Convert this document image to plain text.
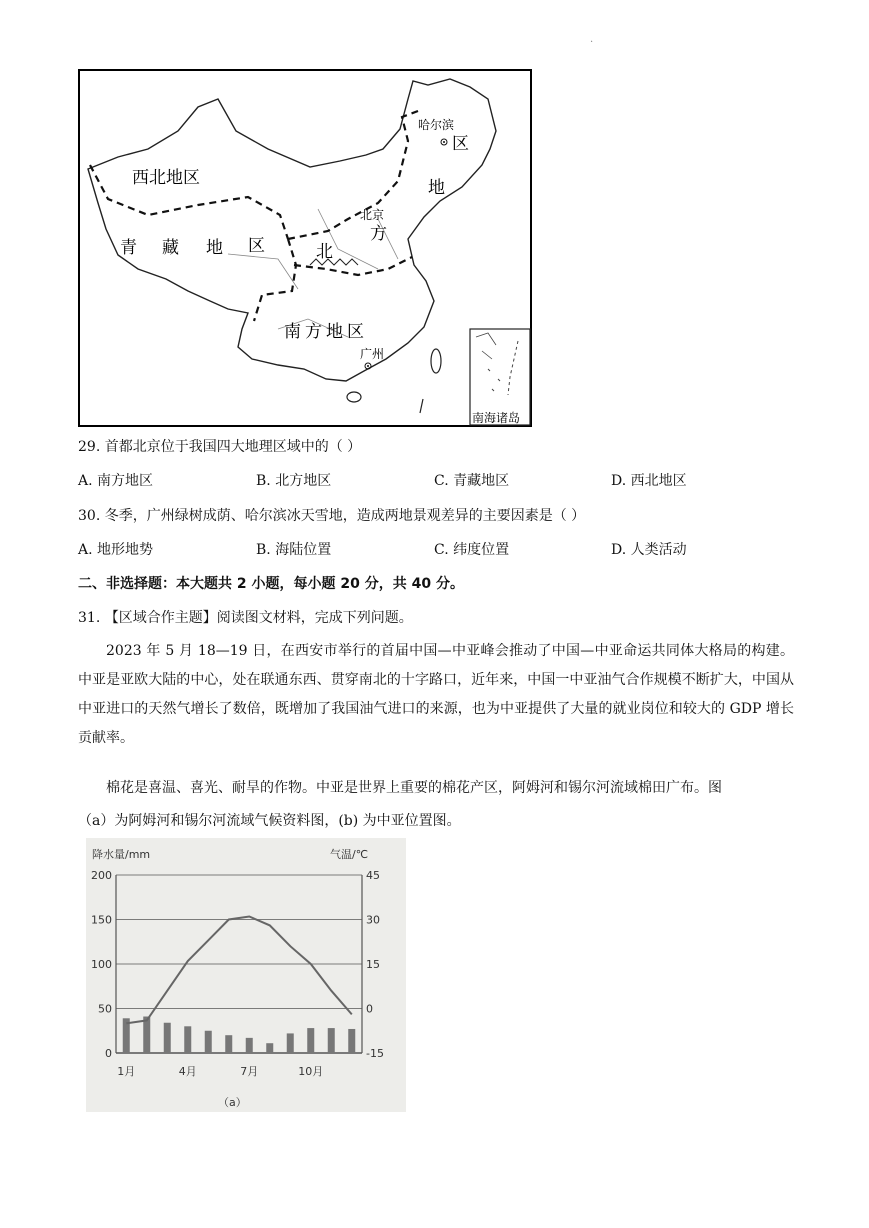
.
西北地区
青 藏 地 区	北
方
地
区
南方地区
哈尔滨
北京
广州
南海诸岛
29. 首都北京位于我国四大地理区域中的（ ）
A. 南方地区	B. 北方地区	C. 青藏地区	D. 西北地区
30. 冬季，广州绿树成荫、哈尔滨冰天雪地，造成两地景观差异的主要因素是（ ）
A. 地形地势	B. 海陆位置	C. 纬度位置	D. 人类活动
二、非选择题：本大题共 2 小题，每小题 20 分，共 40 分。
31. 【区域合作主题】阅读图文材料，完成下列问题。
2023 年 5 月 18—19 日，在西安市举行的首届中国—中亚峰会推动了中国—中亚命运共同体大格局的构建。中亚是亚欧大陆的中心，处在联通东西、贯穿南北的十字路口，近年来，中国一中亚油气合作规模不断扩大，中国从中亚进口的天然气增长了数倍，既增加了我国油气进口的来源，也为中亚提供了大量的就业岗位和较大的 GDP 增长贡献率。
棉花是喜温、喜光、耐旱的作物。中亚是世界上重要的棉花产区，阿姆河和锡尔河流域棉田广布。图
（a）为阿姆河和锡尔河流域气候资料图，(b) 为中亚位置图。
降水量/mm	气温/℃
（a）
200
150
100
50
0
45
30
15
0
-15
1月	4月	7月	10月
